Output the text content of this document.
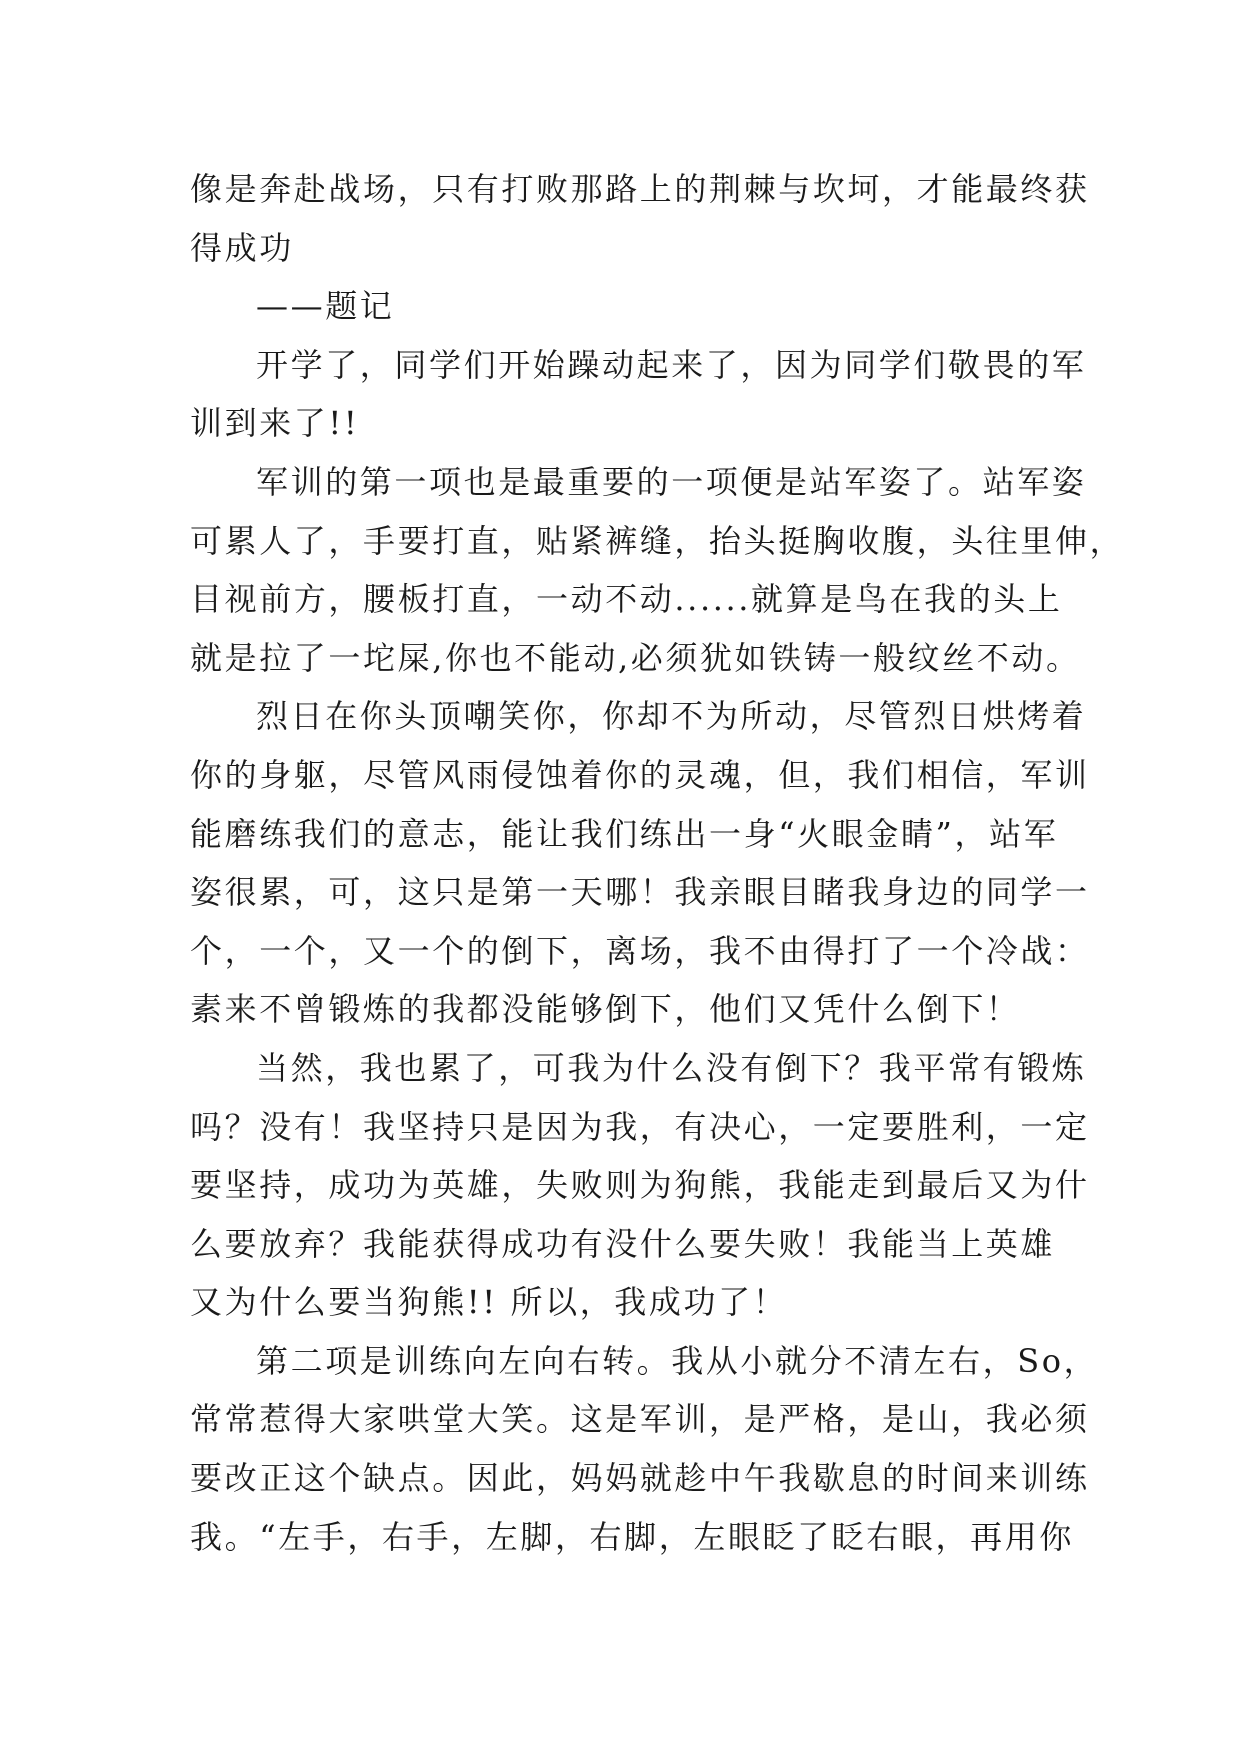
像是奔赴战场，只有打败那路上的荆棘与坎坷，才能最终获
得成功
——题记
开学了，同学们开始躁动起来了，因为同学们敬畏的军
训到来了!!
军训的第一项也是最重要的一项便是站军姿了。站军姿
可累人了，手要打直，贴紧裤缝，抬头挺胸收腹，头往里伸，
目视前方，腰板打直，一动不动......就算是鸟在我的头上
就是拉了一坨屎,你也不能动,必须犹如铁铸一般纹丝不动。
烈日在你头顶嘲笑你，你却不为所动，尽管烈日烘烤着
你的身躯，尽管风雨侵蚀着你的灵魂，但，我们相信，军训
能磨练我们的意志，能让我们练出一身“火眼金睛”，站军
姿很累，可，这只是第一天哪！我亲眼目睹我身边的同学一
个，一个，又一个的倒下，离场，我不由得打了一个冷战：
素来不曾锻炼的我都没能够倒下，他们又凭什么倒下！
当然，我也累了，可我为什么没有倒下？我平常有锻炼
吗？没有！我坚持只是因为我，有决心，一定要胜利，一定
要坚持，成功为英雄，失败则为狗熊，我能走到最后又为什
么要放弃？我能获得成功有没什么要失败！我能当上英雄
又为什么要当狗熊!! 所以，我成功了！
第二项是训练向左向右转。我从小就分不清左右，So，
常常惹得大家哄堂大笑。这是军训，是严格，是山，我必须
要改正这个缺点。因此，妈妈就趁中午我歇息的时间来训练
我。“左手，右手，左脚，右脚，左眼眨了眨右眼，再用你
